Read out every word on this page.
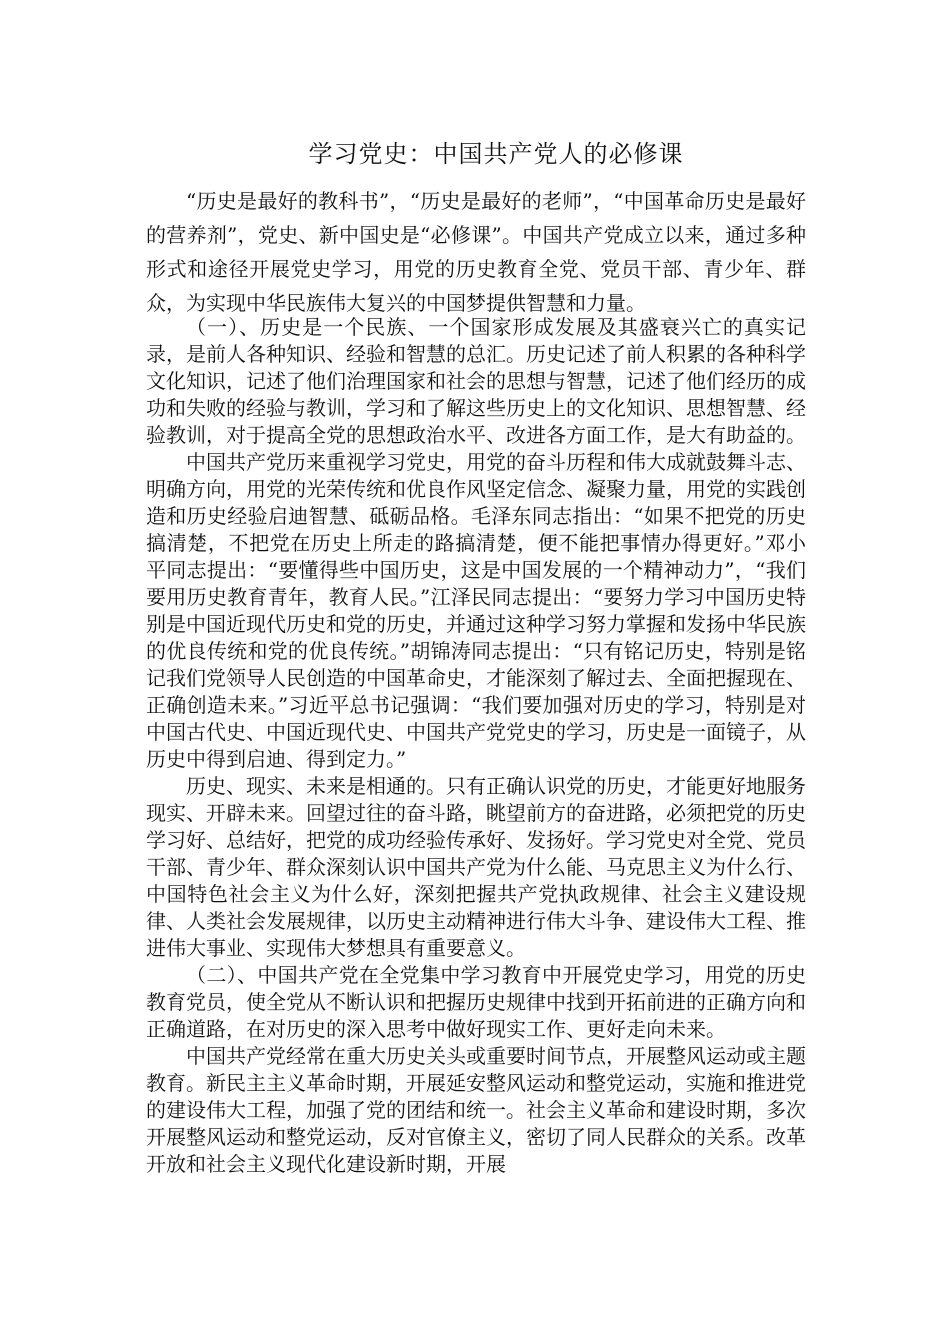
学习党史：中国共产党人的必修课

“历史是最好的教科书”，“历史是最好的老师”，“中国革命历史是最好的营养剂”，党史、新中国史是“必修课”。中国共产党成立以来，通过多种形式和途径开展党史学习，用党的历史教育全党、党员干部、青少年、群众，为实现中华民族伟大复兴的中国梦提供智慧和力量。

（一）、历史是一个民族、一个国家形成发展及其盛衰兴亡的真实记录，是前人各种知识、经验和智慧的总汇。历史记述了前人积累的各种科学文化知识，记述了他们治理国家和社会的思想与智慧，记述了他们经历的成功和失败的经验与教训，学习和了解这些历史上的文化知识、思想智慧、经验教训，对于提高全党的思想政治水平、改进各方面工作，是大有助益的。

中国共产党历来重视学习党史，用党的奋斗历程和伟大成就鼓舞斗志、明确方向，用党的光荣传统和优良作风坚定信念、凝聚力量，用党的实践创造和历史经验启迪智慧、砥砺品格。毛泽东同志指出：“如果不把党的历史搞清楚，不把党在历史上所走的路搞清楚，便不能把事情办得更好。”邓小平同志提出：“要懂得些中国历史，这是中国发展的一个精神动力”，“我们要用历史教育青年，教育人民。”江泽民同志提出：“要努力学习中国历史特别是中国近现代历史和党的历史，并通过这种学习努力掌握和发扬中华民族的优良传统和党的优良传统。”胡锦涛同志提出：“只有铭记历史，特别是铭记我们党领导人民创造的中国革命史，才能深刻了解过去、全面把握现在、正确创造未来。”习近平总书记强调：“我们要加强对历史的学习，特别是对中国古代史、中国近现代史、中国共产党党史的学习，历史是一面镜子，从历史中得到启迪、得到定力。”

历史、现实、未来是相通的。只有正确认识党的历史，才能更好地服务现实、开辟未来。回望过往的奋斗路，眺望前方的奋进路，必须把党的历史学习好、总结好，把党的成功经验传承好、发扬好。学习党史对全党、党员干部、青少年、群众深刻认识中国共产党为什么能、马克思主义为什么行、中国特色社会主义为什么好，深刻把握共产党执政规律、社会主义建设规律、人类社会发展规律，以历史主动精神进行伟大斗争、建设伟大工程、推进伟大事业、实现伟大梦想具有重要意义。

（二）、中国共产党在全党集中学习教育中开展党史学习，用党的历史教育党员，使全党从不断认识和把握历史规律中找到开拓前进的正确方向和正确道路，在对历史的深入思考中做好现实工作、更好走向未来。

中国共产党经常在重大历史关头或重要时间节点，开展整风运动或主题教育。新民主主义革命时期，开展延安整风运动和整党运动，实施和推进党的建设伟大工程，加强了党的团结和统一。社会主义革命和建设时期，多次开展整风运动和整党运动，反对官僚主义，密切了同人民群众的关系。改革开放和社会主义现代化建设新时期，开展
